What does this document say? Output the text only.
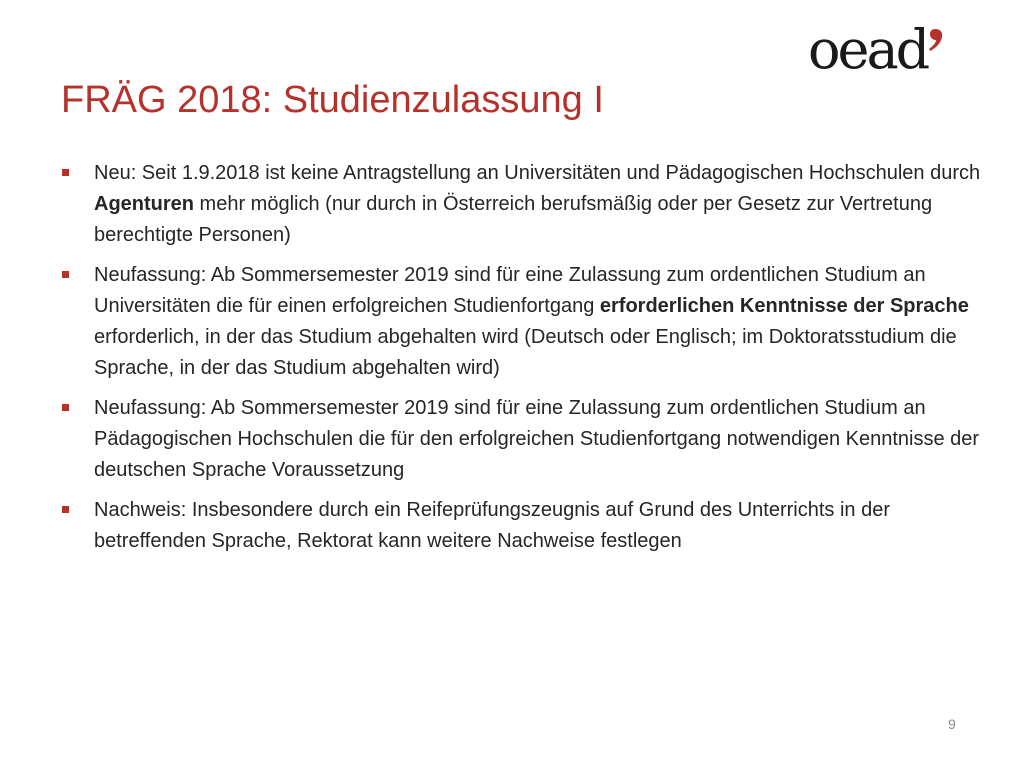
oead
FRÄG 2018: Studienzulassung I
Neu: Seit 1.9.2018 ist keine Antragstellung an Universitäten und Pädagogischen Hochschulen durch Agenturen mehr möglich (nur durch in Österreich berufsmäßig oder per Gesetz zur Vertretung berechtigte Personen)
Neufassung: Ab Sommersemester 2019 sind für eine Zulassung zum ordentlichen Studium an Universitäten die für einen erfolgreichen Studienfortgang erforderlichen Kenntnisse der Sprache erforderlich, in der das Studium abgehalten wird (Deutsch oder Englisch; im Doktoratsstudium die Sprache, in der das Studium abgehalten wird)
Neufassung: Ab Sommersemester 2019 sind für eine Zulassung zum ordentlichen Studium an Pädagogischen Hochschulen die für den erfolgreichen Studienfortgang notwendigen Kenntnisse der deutschen Sprache Voraussetzung
Nachweis: Insbesondere durch ein Reifeprüfungszeugnis auf Grund des Unterrichts in der betreffenden Sprache, Rektorat kann weitere Nachweise festlegen
9
